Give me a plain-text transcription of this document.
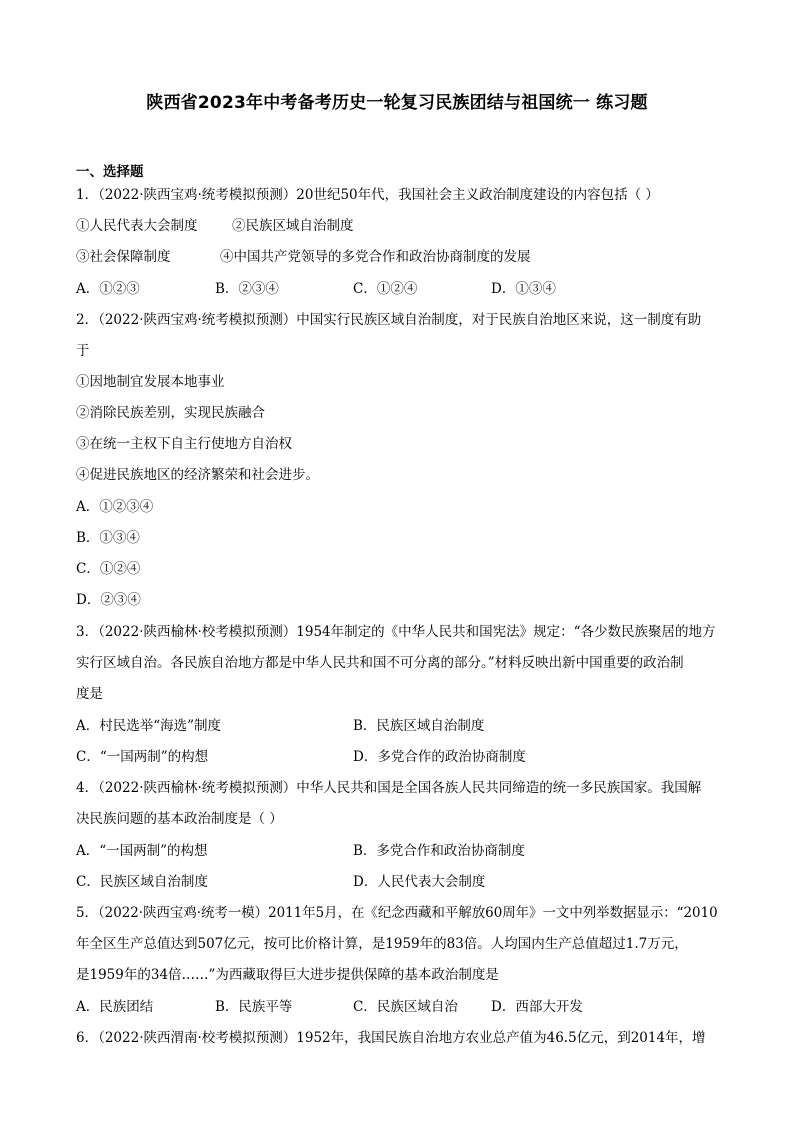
陕西省2023年中考备考历史一轮复习民族团结与祖国统一 练习题
一、选择题
1．（2022·陕西宝鸡·统考模拟预测）20世纪50年代，我国社会主义政治制度建设的内容包括（ ）
①人民代表大会制度	②民族区域自治制度
③社会保障制度	④中国共产党领导的多党合作和政治协商制度的发展
A．①②③	B．②③④	C．①②④	D．①③④
2．（2022·陕西宝鸡·统考模拟预测）中国实行民族区域自治制度，对于民族自治地区来说，这一制度有助
于
①因地制宜发展本地事业
②消除民族差别，实现民族融合
③在统一主权下自主行使地方自治权
④促进民族地区的经济繁荣和社会进步。
A．①②③④
B．①③④
C．①②④
D．②③④
3．（2022·陕西榆林·校考模拟预测）1954年制定的《中华人民共和国宪法》规定：“各少数民族聚居的地方
实行区域自治。各民族自治地方都是中华人民共和国不可分离的部分。”材料反映出新中国重要的政治制
度是
A．村民选举“海选”制度	B．民族区域自治制度
C．“一国两制”的构想	D．多党合作的政治协商制度
4．（2022·陕西榆林·统考模拟预测）中华人民共和国是全国各族人民共同缔造的统一多民族国家。我国解
决民族问题的基本政治制度是（ ）
A．“一国两制”的构想	B．多党合作和政治协商制度
C．民族区域自治制度	D．人民代表大会制度
5．（2022·陕西宝鸡·统考一模）2011年5月，在《纪念西藏和平解放60周年》一文中列举数据显示：“2010
年全区生产总值达到507亿元，按可比价格计算，是1959年的83倍。人均国内生产总值超过1.7万元，
是1959年的34倍……”为西藏取得巨大进步提供保障的基本政治制度是
A．民族团结	B．民族平等	C．民族区域自治 D．西部大开发
6．（2022·陕西渭南·校考模拟预测）1952年，我国民族自治地方农业总产值为46.5亿元，到2014年，增
